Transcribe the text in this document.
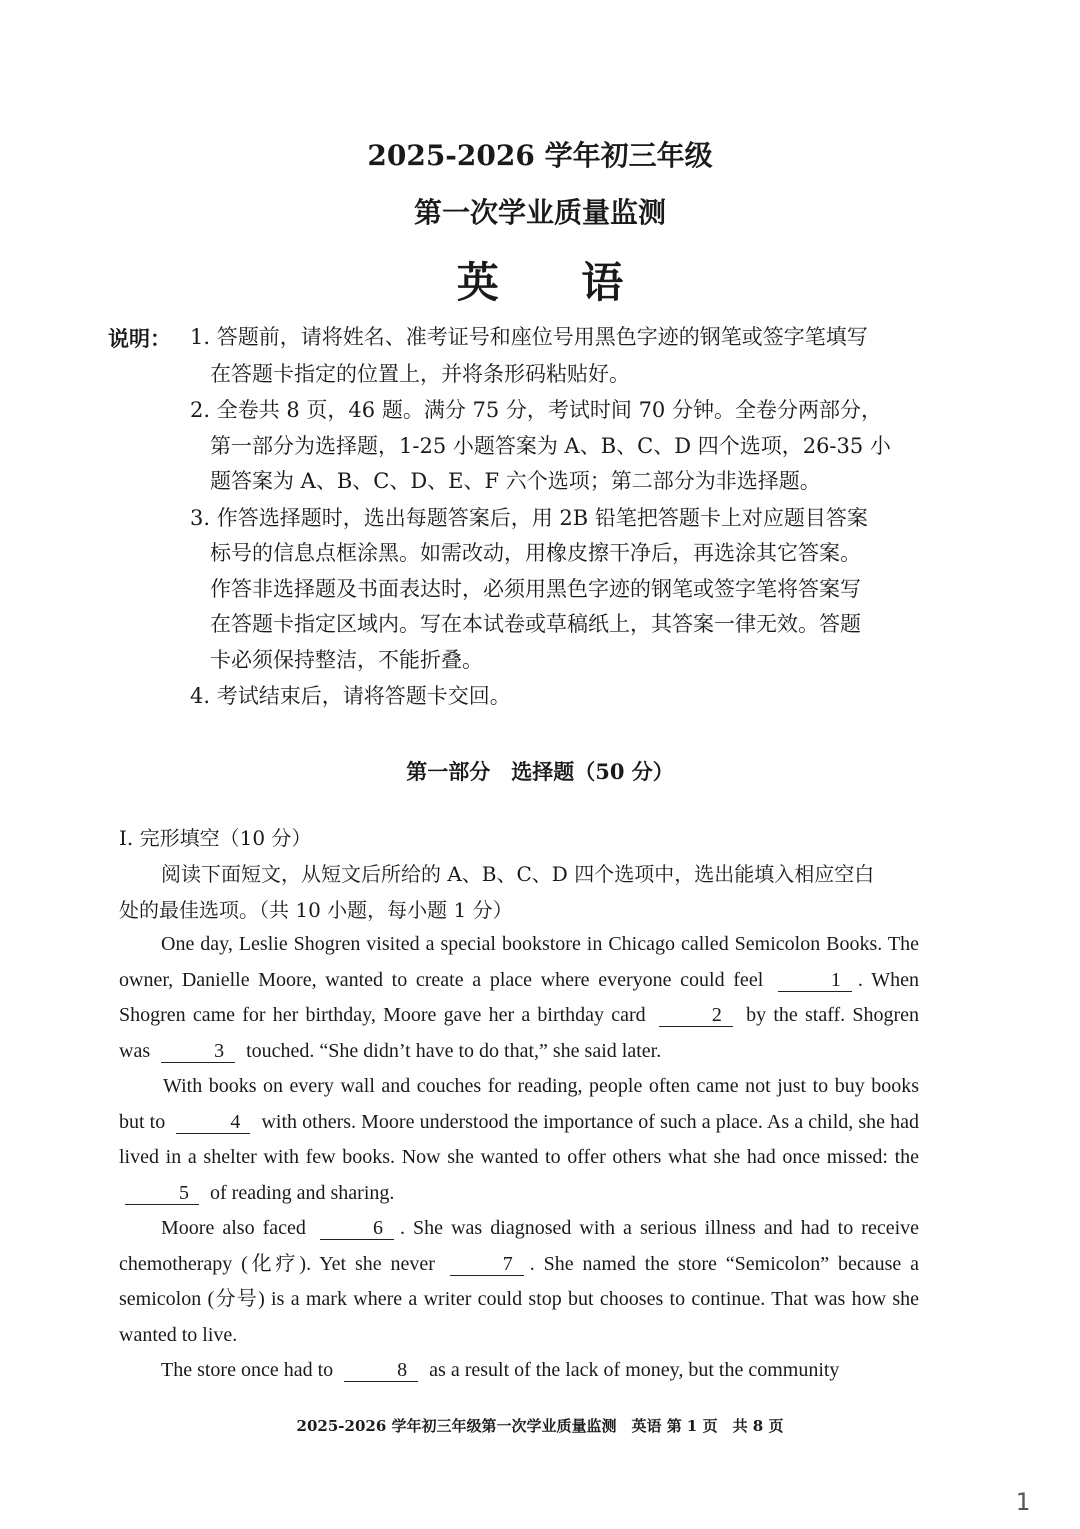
2025-2026 学年初三年级
第一次学业质量监测
英 语
说明： 1. 答题前，请将姓名、准考证号和座位号用黑色字迹的钢笔或签字笔填写
在答题卡指定的位置上，并将条形码粘贴好。
2. 全卷共 8 页，46 题。满分 75 分，考试时间 70 分钟。全卷分两部分，
第一部分为选择题，1-25 小题答案为 A、B、C、D 四个选项，26-35 小
题答案为 A、B、C、D、E、F 六个选项；第二部分为非选择题。
3. 作答选择题时，选出每题答案后，用 2B 铅笔把答题卡上对应题目答案
标号的信息点框涂黑。如需改动，用橡皮擦干净后，再选涂其它答案。
作答非选择题及书面表达时，必须用黑色字迹的钢笔或签字笔将答案写
在答题卡指定区域内。写在本试卷或草稿纸上，其答案一律无效。答题
卡必须保持整洁，不能折叠。
4. 考试结束后，请将答题卡交回。
第一部分　选择题（50 分）
I. 完形填空（10 分）
阅读下面短文，从短文后所给的 A、B、C、D 四个选项中，选出能填入相应空白
处的最佳选项。（共 10 小题，每小题 1 分）
One day, Leslie Shogren visited a special bookstore in Chicago called Semicolon Books. The owner, Danielle Moore, wanted to create a place where everyone could feel	1 . When Shogren came for her birthday, Moore gave her a birthday card	2 by the staff. Shogren was	3 touched. “She didn’t have to do that,” she said later.
With books on every wall and couches for reading, people often came not just to buy books but to	4 with others. Moore understood the importance of such a place. As a child, she had lived in a shelter with few books. Now she wanted to offer others what she had once missed: the 5 of reading and sharing.
Moore also faced	6 . She was diagnosed with a serious illness and had to receive chemotherapy (化疗). Yet she never	7 . She named the store “Semicolon” because a semicolon (分号) is a mark where a writer could stop but chooses to continue. That was how she wanted to live.
The store once had to	8 as a result of the lack of money, but the community
2025-2026 学年初三年级第一次学业质量监测　英语 第 1 页　共 8 页
1
